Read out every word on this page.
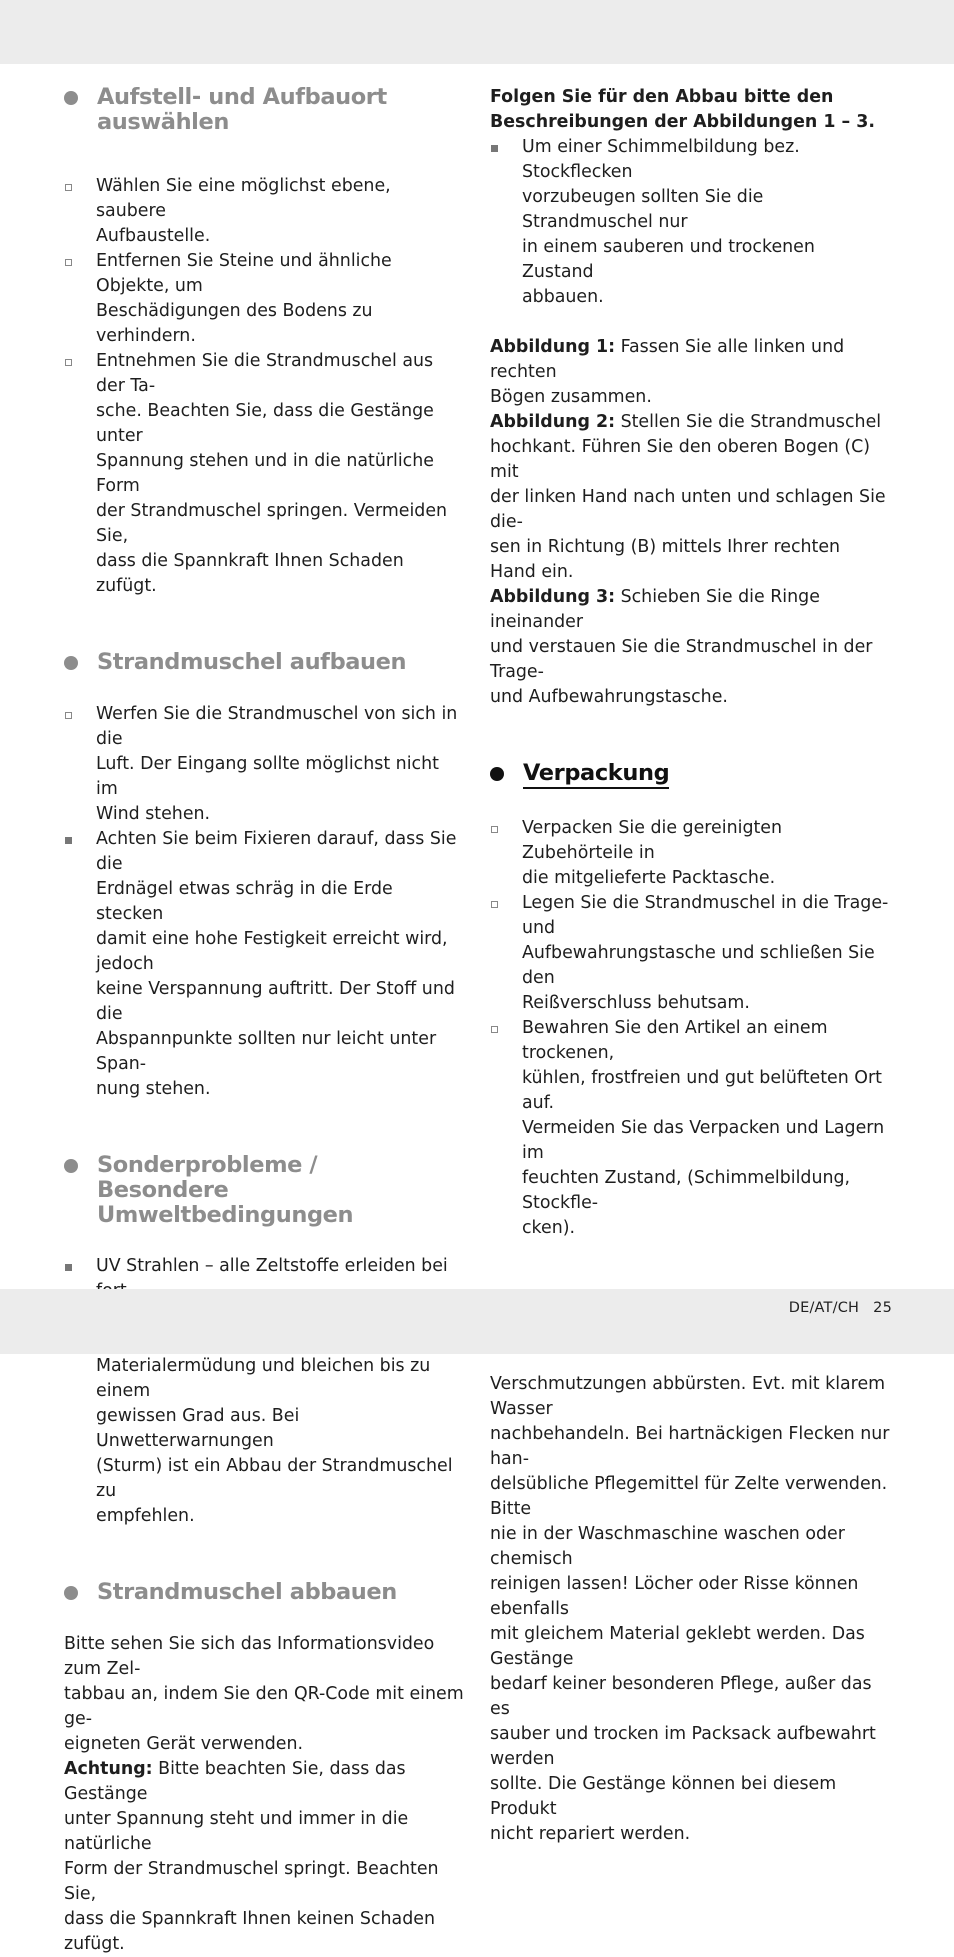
Aufstell- und Aufbauort
auswählen
Wählen Sie eine möglichst ebene, saubere
Aufbaustelle.
Entfernen Sie Steine und ähnliche Objekte, um
Beschädigungen des Bodens zu verhindern.
Entnehmen Sie die Strandmuschel aus der Ta-
sche. Beachten Sie, dass die Gestänge unter
Spannung stehen und in die natürliche Form
der Strandmuschel springen. Vermeiden Sie,
dass die Spannkraft Ihnen Schaden zufügt.
Strandmuschel aufbauen
Werfen Sie die Strandmuschel von sich in die
Luft. Der Eingang sollte möglichst nicht im
Wind stehen.
Achten Sie beim Fixieren darauf, dass Sie die
Erdnägel etwas schräg in die Erde stecken
damit eine hohe Festigkeit erreicht wird, jedoch
keine Verspannung auftritt. Der Stoff und die
Abspannpunkte sollten nur leicht unter Span-
nung stehen.
Sonderprobleme /
Besondere Umweltbedingungen
UV Strahlen – alle Zeltstoffe erleiden bei

Materialermüdung und bleichen bis zu einem
gewissen Grad aus. Bei Unwetterwarnungen
(Sturm) ist ein Abbau der Strandmuschel zu
empfehlen.
Strandmuschel abbauen

Bitte sehen Sie sich das Informationsvideo zum Zel-
tabbau an, indem Sie den QR-Code mit einem ge-
eigneten Gerät verwenden.
Achtung: Bitte beachten Sie, dass das Gestänge
unter Spannung steht und immer in die natürliche
Form der Strandmuschel springt. Beachten Sie,
dass die Spannkraft Ihnen keinen Schaden zufügt.

Folgen Sie für den Abbau bitte den
Beschreibungen der Abbildungen 1 – 3.

Um einer Schimmelbildung bez. Stockflecken
vorzubeugen sollten Sie die Strandmuschel nur
in einem sauberen und trockenen Zustand
abbauen.

Abbildung 1: Fassen Sie alle linken und rechten
Bögen zusammen.
Abbildung 2: Stellen Sie die Strandmuschel
hochkant. Führen Sie den oberen Bogen (C) mit
der linken Hand nach unten und schlagen Sie die-
sen in Richtung (B) mittels Ihrer rechten Hand ein.
Abbildung 3: Schieben Sie die Ringe ineinander
und verstauen Sie die Strandmuschel in der Trage-
und Aufbewahrungstasche.

Verpackung
Verpacken Sie die gereinigten Zubehörteile in
die mitgelieferte Packtasche.
Legen Sie die Strandmuschel in die Trage- und
Aufbewahrungstasche und schließen Sie den
Reißverschluss behutsam.
Bewahren Sie den Artikel an einem trockenen,
kühlen, frostfreien und gut belüfteten Ort auf.
Vermeiden Sie das Verpacken und Lagern im
feuchten Zustand, (Schimmelbildung, Stockfle-
cken).

Verschmutzungen abbürsten. Evt. mit klarem Wasser
nachbehandeln. Bei hartnäckigen Flecken nur han-
delsübliche Pflegemittel für Zelte verwenden. Bitte
nie in der Waschmaschine waschen oder chemisch
reinigen lassen! Löcher oder Risse können ebenfalls
mit gleichem Material geklebt werden. Das Gestänge
bedarf keiner besonderen Pflege, außer das es
sauber und trocken im Packsack aufbewahrt werden
sollte. Die Gestänge können bei diesem Produkt
nicht repariert werden.

DE/AT/CH 25
